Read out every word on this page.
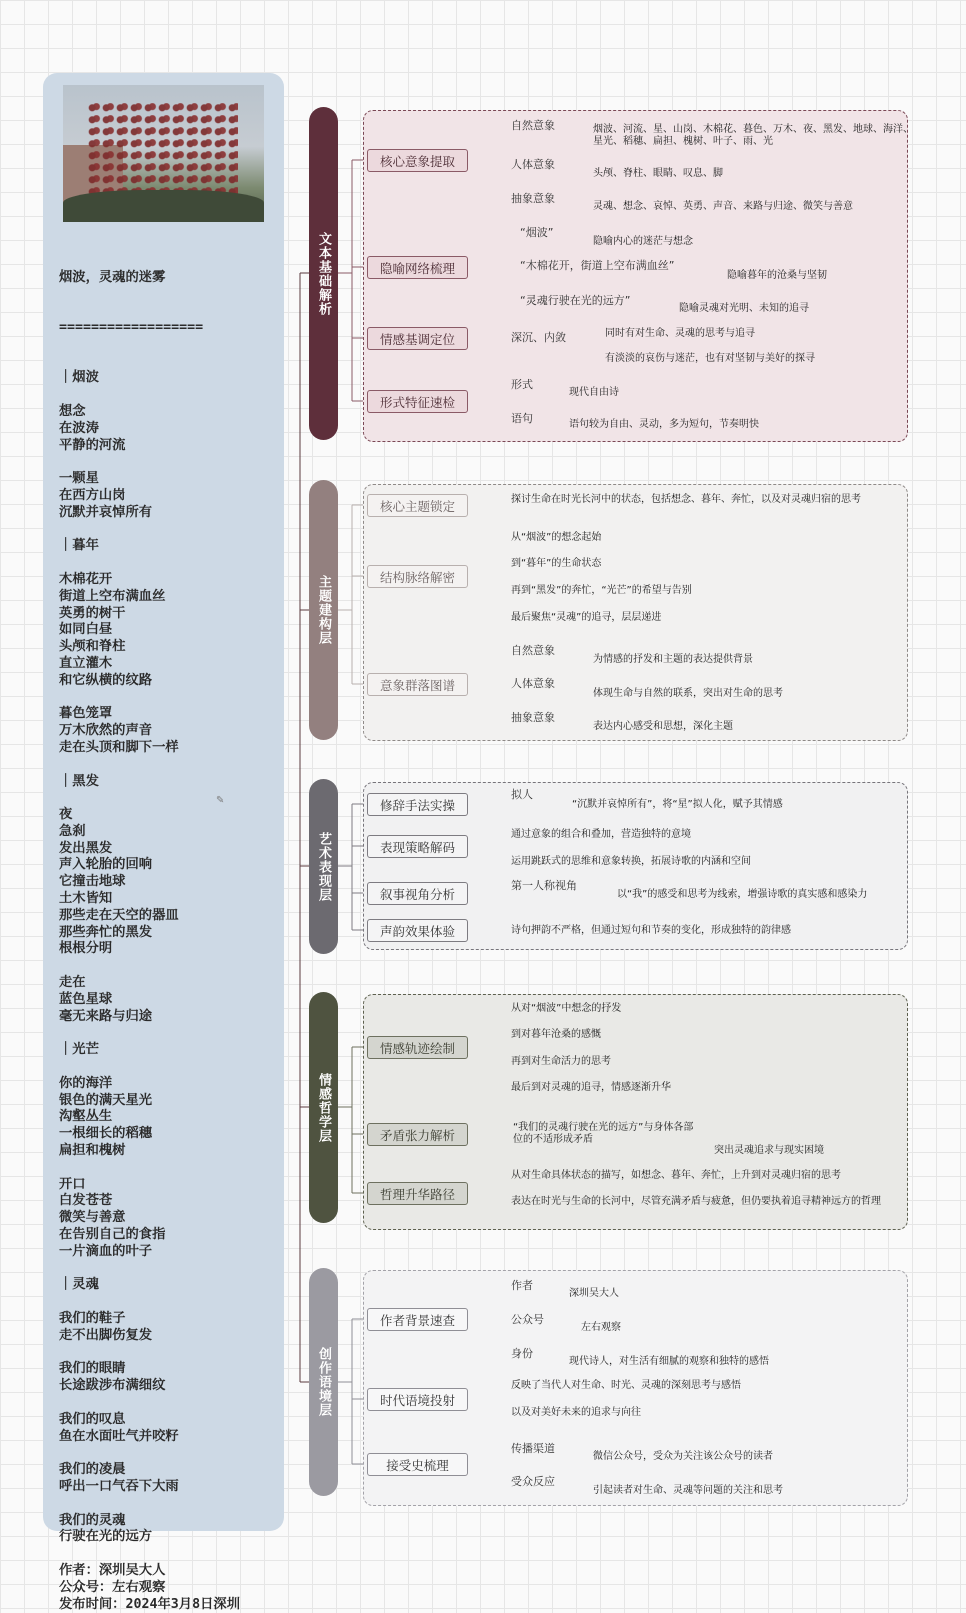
烟波，灵魂的迷雾

==================

｜烟波
想念
在波涛
平静的河流
一颗星
在西方山岗
沉默并哀悼所有
｜暮年
木棉花开
街道上空布满血丝
英勇的树干
如同白昼
头颅和脊柱
直立灌木
和它纵横的纹路
暮色笼罩
万木欣然的声音
走在头顶和脚下一样
｜黑发
夜
急刹
发出黑发
声入轮胎的回响
它撞击地球
土木皆知
那些走在天空的器皿
那些奔忙的黑发
根根分明
走在
蓝色星球
毫无来路与归途
｜光芒
你的海洋
银色的满天星光
沟壑丛生
一根细长的稻穗
扁担和槐树
开口
白发苍苍
微笑与善意
在告别自己的食指
一片滴血的叶子
｜灵魂
我们的鞋子
走不出脚伤复发
我们的眼睛
长途跋涉布满细纹
我们的叹息
鱼在水面吐气并咬籽
我们的凌晨
呼出一口气吞下大雨
我们的灵魂
行驶在光的远方
作者：深圳吴大人
公众号：左右观察
发布时间：2024年3月8日深圳
✎
文本基础解析
主题建构层
艺术表现层
情感哲学层
创作语境层
核心意象提取
自然意象	烟波、河流、星、山岗、木棉花、暮色、万木、夜、黑发、地球、海洋、星光、稻穗、扁担、槐树、叶子、雨、光
人体意象
头颅、脊柱、眼睛、叹息、脚
抽象意象
灵魂、想念、哀悼、英勇、声音、来路与归途、微笑与善意
隐喻网络梳理
“烟波”
隐喻内心的迷茫与想念
“木棉花开，街道上空布满血丝”
隐喻暮年的沧桑与坚韧
“灵魂行驶在光的远方”
隐喻灵魂对光明、未知的追寻
情感基调定位	深沉、内敛	同时有对生命、灵魂的思考与追寻
有淡淡的哀伤与迷茫，也有对坚韧与美好的探寻
形式特征速检
形式
现代自由诗
语句	语句较为自由、灵动，多为短句，节奏明快
核心主题锁定	探讨生命在时光长河中的状态，包括想念、暮年、奔忙，以及对灵魂归宿的思考
结构脉络解密
从“烟波”的想念起始
到“暮年”的生命状态
再到“黑发”的奔忙，“光芒”的希望与告别
最后聚焦“灵魂”的追寻，层层递进
意象群落图谱
自然意象
为情感的抒发和主题的表达提供背景
人体意象
体现生命与自然的联系，突出对生命的思考
抽象意象
表达内心感受和思想，深化主题
修辞手法实操
拟人
“沉默并哀悼所有”，将“星”拟人化，赋予其情感
表现策略解码
通过意象的组合和叠加，营造独特的意境
运用跳跃式的思维和意象转换，拓展诗歌的内涵和空间
叙事视角分析
第一人称视角
以“我”的感受和思考为线索，增强诗歌的真实感和感染力
声韵效果体验	诗句押韵不严格，但通过短句和节奏的变化，形成独特的韵律感
情感轨迹绘制
从对“烟波”中想念的抒发
到对暮年沧桑的感慨
再到对生命活力的思考
最后到对灵魂的追寻，情感逐渐升华
矛盾张力解析	“我们的灵魂行驶在光的远方”与身体各部位的不适形成矛盾
突出灵魂追求与现实困境
哲理升华路径
从对生命具体状态的描写，如想念、暮年、奔忙，上升到对灵魂归宿的思考
表达在时光与生命的长河中，尽管充满矛盾与疲惫，但仍要执着追寻精神远方的哲理
作者背景速查
作者
深圳吴大人
公众号
左右观察
身份
现代诗人，对生活有细腻的观察和独特的感悟
时代语境投射
反映了当代人对生命、时光、灵魂的深刻思考与感悟
以及对美好未来的追求与向往
接受史梳理
传播渠道
微信公众号，受众为关注该公众号的读者
受众反应
引起读者对生命、灵魂等问题的关注和思考
